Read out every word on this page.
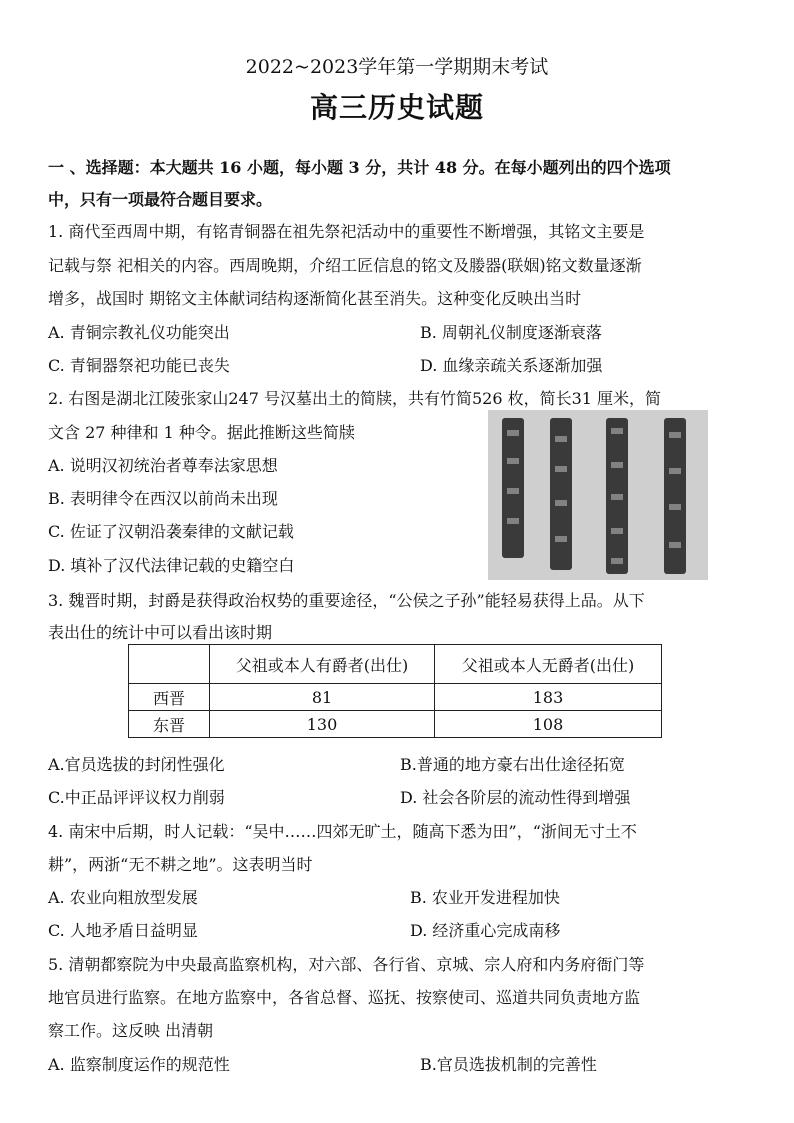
2022~2023学年第一学期期末考试
高三历史试题
一 、选择题：本大题共 16 小题，每小题 3 分，共计 48 分。在每小题列出的四个选项
中，只有一项最符合题目要求。
1. 商代至西周中期，有铭青铜器在祖先祭祀活动中的重要性不断增强，其铭文主要是
记载与祭 祀相关的内容。西周晚期，介绍工匠信息的铭文及媵器(联姻)铭文数量逐渐
增多，战国时 期铭文主体献词结构逐渐简化甚至消失。这种变化反映出当时
A. 青铜宗教礼仪功能突出	B. 周朝礼仪制度逐渐衰落
C. 青铜器祭祀功能已丧失	D. 血缘亲疏关系逐渐加强
2. 右图是湖北江陵张家山247 号汉墓出土的简牍，共有竹简526 枚，简长31 厘米，简
文含 27 种律和 1 种令。据此推断这些简牍
A. 说明汉初统治者尊奉法家思想
B. 表明律令在西汉以前尚未出现
C. 佐证了汉朝沿袭秦律的文献记载
D. 填补了汉代法律记载的史籍空白
3. 魏晋时期，封爵是获得政治权势的重要途径，“公侯之子孙”能轻易获得上品。从下
表出仕的统计中可以看出该时期
	父祖或本人有爵者(出仕)	父祖或本人无爵者(出仕)
西晋	81	183
东晋	130	108
A.官员选拔的封闭性强化	B.普通的地方豪右出仕途径拓宽
C.中正品评评议权力削弱	D. 社会各阶层的流动性得到增强
4. 南宋中后期，时人记载：“吴中……四郊无旷土，随高下悉为田”，“浙间无寸土不
耕”，两浙“无不耕之地”。这表明当时
A. 农业向粗放型发展	B. 农业开发进程加快
C. 人地矛盾日益明显	D. 经济重心完成南移
5. 清朝都察院为中央最高监察机构，对六部、各行省、京城、宗人府和内务府衙门等
地官员进行监察。在地方监察中，各省总督、巡抚、按察使司、巡道共同负责地方监
察工作。这反映 出清朝
A. 监察制度运作的规范性	B.官员选拔机制的完善性
